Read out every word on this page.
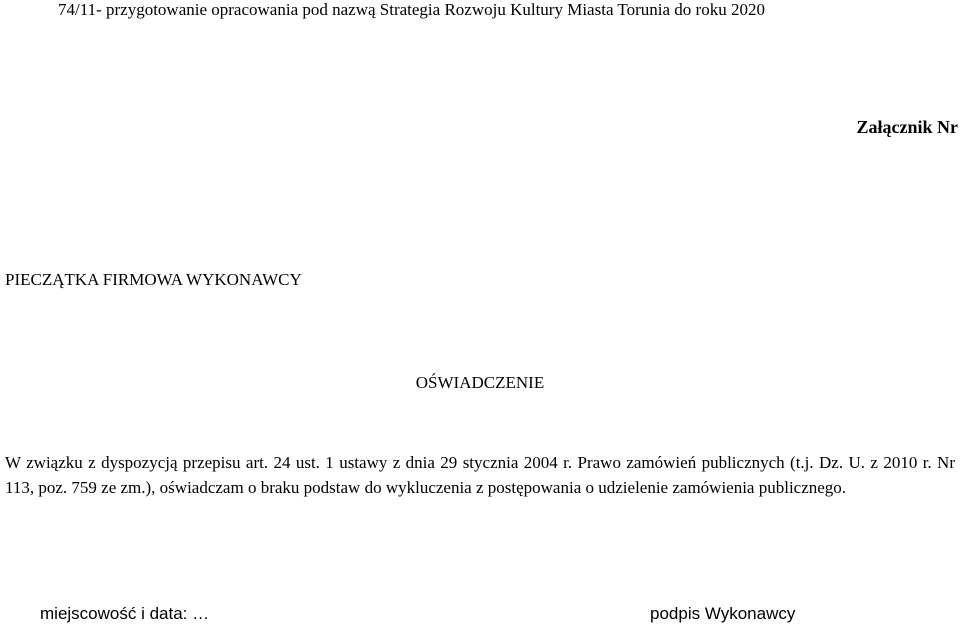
74/11- przygotowanie opracowania pod nazwą Strategia Rozwoju Kultury Miasta Torunia do roku 2020
Załącznik Nr
PIECZĄTKA FIRMOWA WYKONAWCY
OŚWIADCZENIE

W związku z dyspozycją przepisu art. 24 ust. 1 ustawy z dnia 29 stycznia 2004 r. Prawo zamówień publicznych (t.j. Dz. U. z 2010 r. Nr 113, poz. 759 ze zm.), oświadczam o braku podstaw do wykluczenia z postępowania o udzielenie zamówienia publicznego.

miejscowość i data: …	podpis Wykonawcy
